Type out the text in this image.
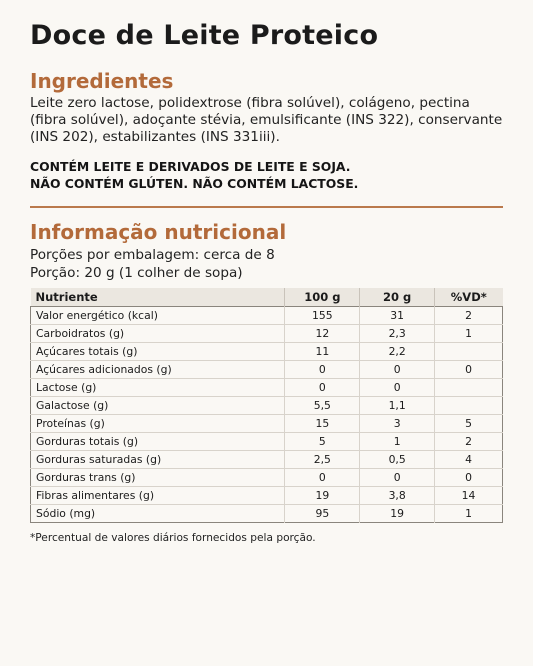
Doce de Leite Proteico
Ingredientes

Leite zero lactose, polidextrose (fibra solúvel), colágeno, pectina (fibra solúvel), adoçante stévia, emulsificante (INS 322), conservante (INS 202), estabilizantes (INS 331iii).

CONTÉM LEITE E DERIVADOS DE LEITE E SOJA.
NÃO CONTÉM GLÚTEN. NÃO CONTÉM LACTOSE.
Informação nutricional
Porções por embalagem: cerca de 8
Porção: 20 g (1 colher de sopa)
Nutriente	100 g	20 g	%VD*
Valor energético (kcal)	155	31	2
Carboidratos (g)	12	2,3	1
Açúcares totais (g)	11	2,2	
Açúcares adicionados (g)	0	0	0
Lactose (g)	0	0	
Galactose (g)	5,5	1,1	
Proteínas (g)	15	3	5
Gorduras totais (g)	5	1	2
Gorduras saturadas (g)	2,5	0,5	4
Gorduras trans (g)	0	0	0
Fibras alimentares (g)	19	3,8	14
Sódio (mg)	95	19	1
*Percentual de valores diários fornecidos pela porção.
